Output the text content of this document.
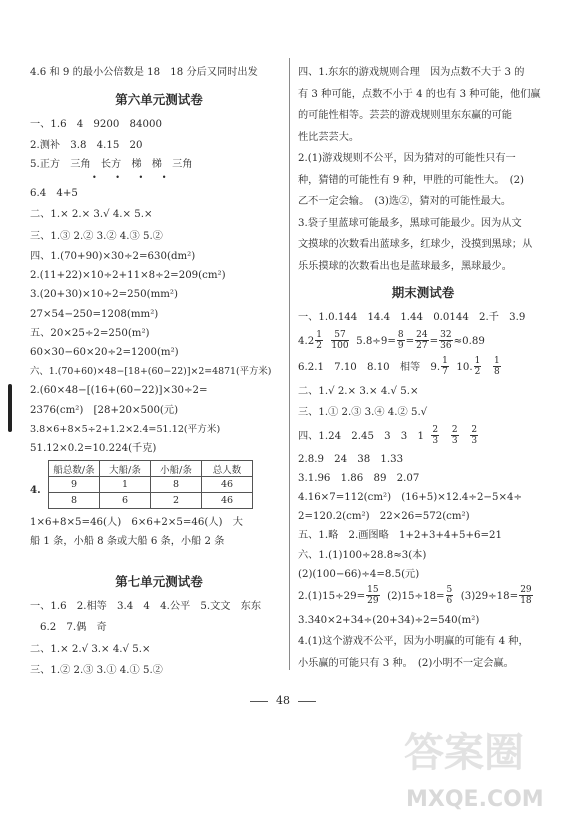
4.6 和 9 的最小公倍数是 18　18 分后又同时出发

第六单元测试卷

一、1.6　4　9200　84000

2.测补　3.8　4.15　20

5.正方　三角　长方　梯　梯　三角

• • • •

6.4　4+5

二、1.× 2.× 3.√ 4.× 5.×

三、1.③ 2.② 3.② 4.③ 5.②

四、1.(70+90)×30÷2=630(dm²)

2.(11+22)×10÷2+11×8÷2=209(cm²)

3.(20+30)×10÷2=250(mm²)

27×54−250=1208(mm²)

五、20×25÷2=250(m²)

60×30−60×20÷2=1200(m²)

六、1.(70+60)×48−[18+(60−22)]×2=4871(平方米)

2.(60×48−[(16+(60−22)]×30÷2=

2376(cm²)　[28+20×500(元)

3.8×6+8×5÷2+1.2×2.4=51.12(平方米)

51.12×0.2=10.224(千克)

4.
船总数/条	大船/条	小船/条	总人数
9	1	8	46
8	6	2	46

1×6+8×5=46(人)　6×6+2×5=46(人)　大

船 1 条，小船 8 条或大船 6 条，小船 2 条

第七单元测试卷

一、1.6　2.相等　3.4　4　4.公平　5.文文　东东

6.2　7.偶　奇

二、1.× 2.√ 3.× 4.√ 5.×

三、1.② 2.③ 3.① 4.① 5.②

四、1.东东的游戏规则合理　因为点数不大于 3 的

有 3 种可能，点数不小于 4 的也有 3 种可能，他们赢

的可能性相等。芸芸的游戏规则里东东赢的可能

性比芸芸大。

2.(1)游戏规则不公平，因为猜对的可能性只有一

种，猜错的可能性有 9 种，甲胜的可能性大。　(2)

乙不一定会输。　(3)选②，猜对的可能性最大。

3.袋子里蓝球可能最多，黑球可能最少。因为从文

文摸球的次数看出蓝球多，红球少，没摸到黑球；从

乐乐摸球的次数看出也是蓝球最多，黑球最少。

期末测试卷

一、1.0.144　14.4　1.44　0.0144　2.千　3.9

$4.2 \frac{1}{2}$
$\frac{57}{100} 5.8\div 9= \frac{8}{9} = \frac{24}{27} = \frac{32}{36} \approx 0.89$

6.2.1　7.10　8.10　相等　9. $\frac{1}{7} 10$. $\frac{1}{2}$
$\frac{1}{8}$

二、1.√ 2.× 3.× 4.√ 5.×

三、1.① 2.③ 3.④ 4.② 5.√

四、1.24　2.45　3　3　$1 \frac{2}{3}$
$\frac{2}{3}$
$\frac{2}{3}$

2.8.9　24　38　1.33

3.1.96　1.86　89　2.07

4.16×7=112(cm²)　(16+5)×12.4÷2−5×4÷

2=120.2(cm²)　22×26=572(cm²)

五、1.略　2.画图略　1+2+3+4+5+6=21

六、1.(1)100÷28.8≈3(本)

(2)(100−66)÷4=8.5(元)

$2.(1)15\div 29= \frac{15}{29} (2)15\div 18= \frac{5}{6} (3)29\div 18= \frac{29}{18}$

3.340×2+34÷(20+34)÷2=540(m²)

4.(1)这个游戏不公平，因为小明赢的可能有 4 种，

小乐赢的可能只有 3 种。　(2)小明不一定会赢。

48
答案圈
MXQE.COM
